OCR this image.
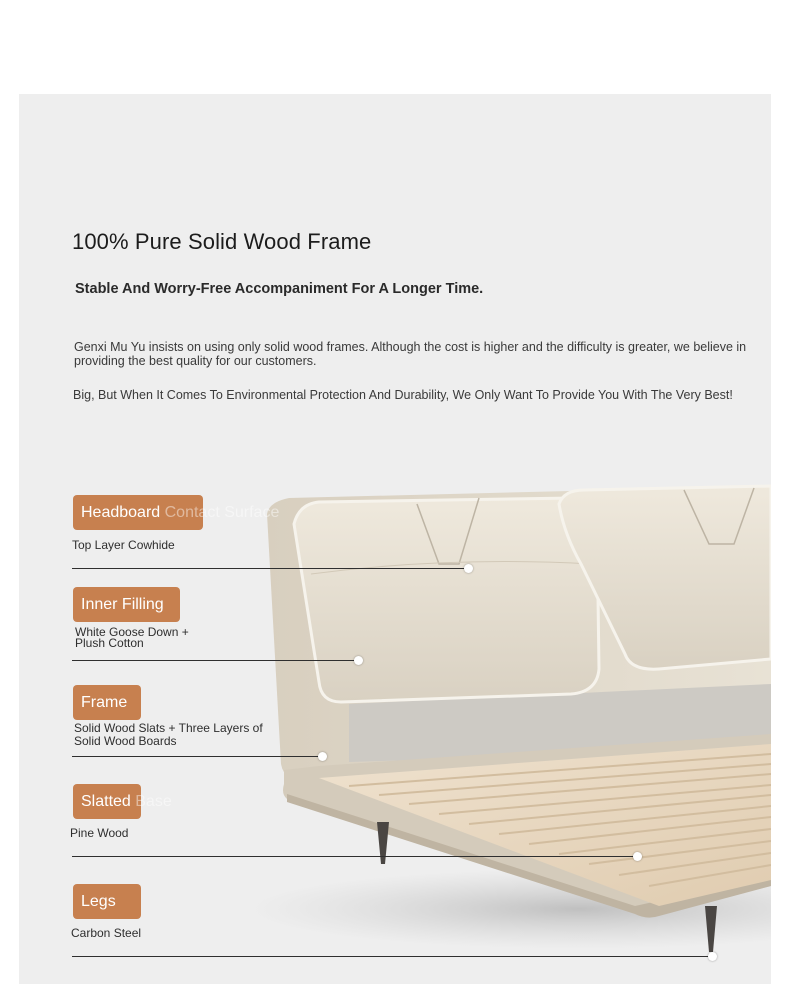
100% Pure Solid Wood Frame
Stable And Worry-Free Accompaniment For A Longer Time.
Genxi Mu Yu insists on using only solid wood frames. Although the cost is higher and the difficulty is greater, we believe in providing the best quality for our customers.
Big, But When It Comes To Environmental Protection And Durability, We Only Want To Provide You With The Very Best!
Headboard Contact Surface
Top Layer Cowhide
Inner Filling
White Goose Down +
Plush Cotton
Frame
Solid Wood Slats + Three Layers of
Solid Wood Boards
Slatted Base
Pine Wood
Legs
Carbon Steel
